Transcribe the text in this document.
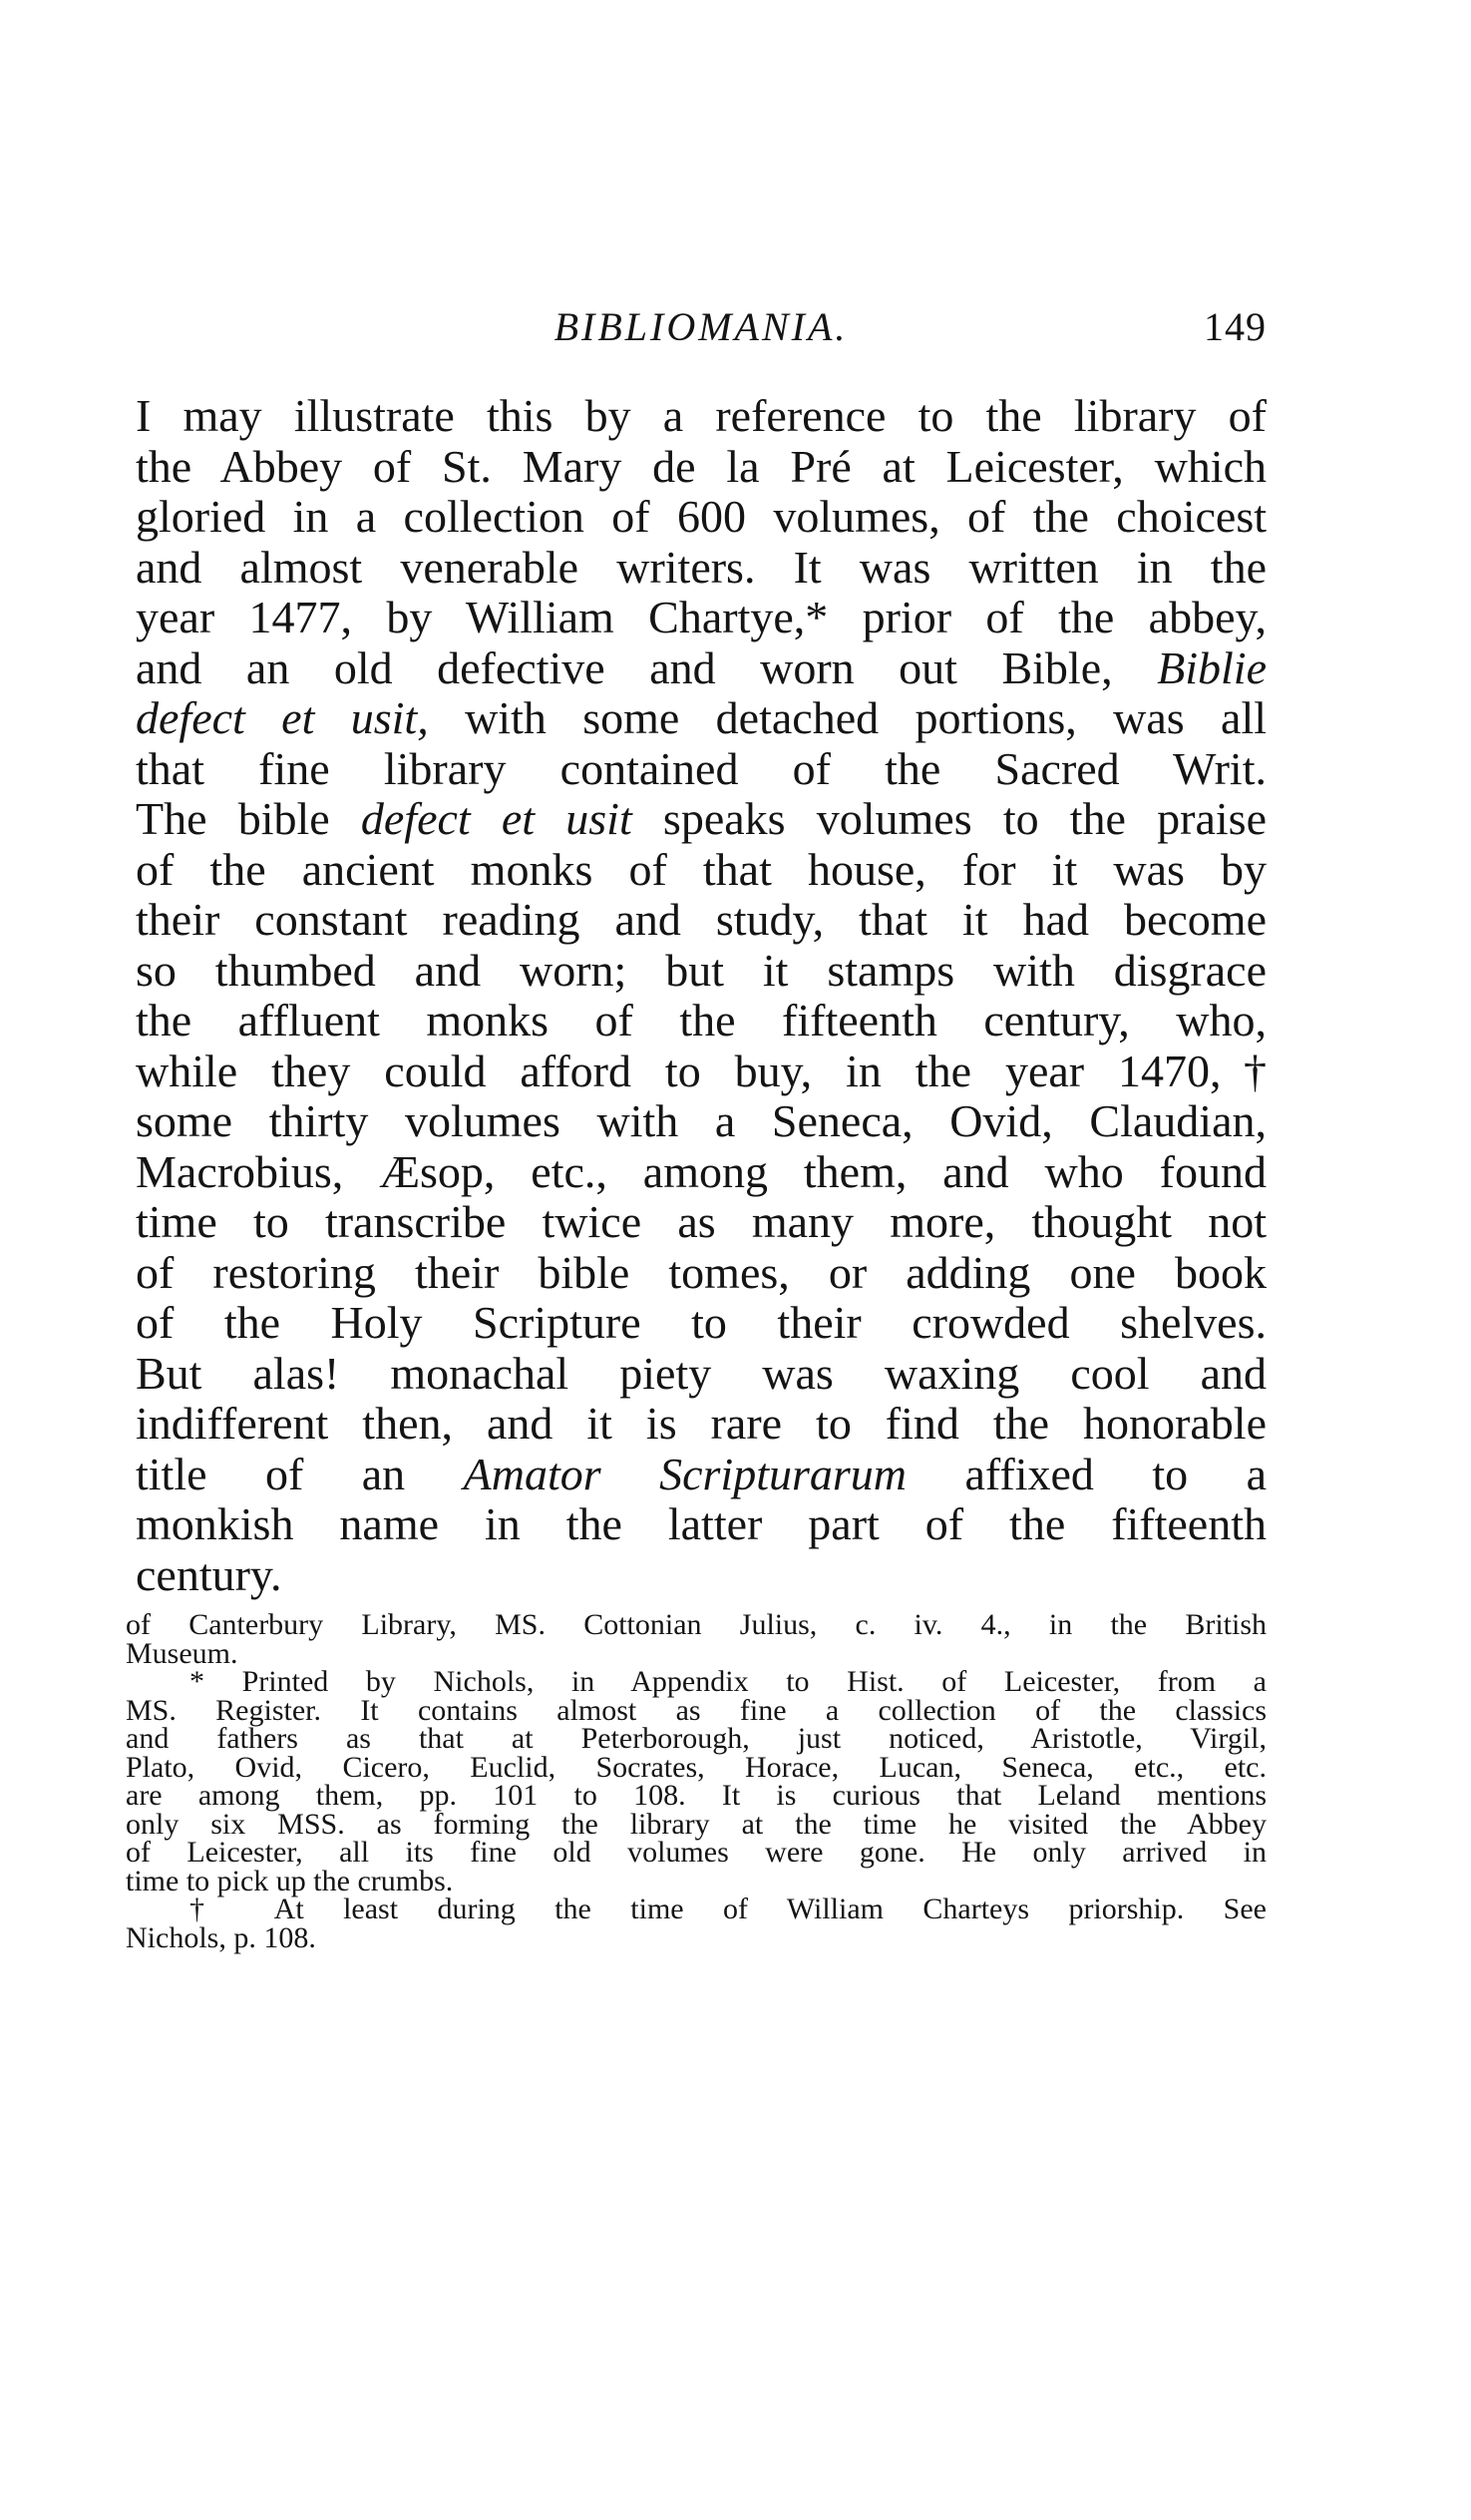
BIBLIOMANIA.	149
I may illustrate this by a reference to the library of
the Abbey of St. Mary de la Pré at Leicester, which
gloried in a collection of 600 volumes, of the choicest
and almost venerable writers. It was written in the
year 1477, by William Chartye,* prior of the abbey,
and an old defective and worn out Bible, Biblie
defect et usit, with some detached portions, was all
that fine library contained of the Sacred Writ.
The bible defect et usit speaks volumes to the praise
of the ancient monks of that house, for it was by
their constant reading and study, that it had become
so thumbed and worn; but it stamps with disgrace
the affluent monks of the fifteenth century, who,
while they could afford to buy, in the year 1470,†
some thirty volumes with a Seneca, Ovid, Claudian,
Macrobius, Æsop, etc., among them, and who found
time to transcribe twice as many more, thought not
of restoring their bible tomes, or adding one book
of the Holy Scripture to their crowded shelves.
But alas! monachal piety was waxing cool and
indifferent then, and it is rare to find the honorable
title of an Amator Scripturarum affixed to a
monkish name in the latter part of the fifteenth
century.
of Canterbury Library, MS. Cottonian Julius, c. iv. 4., in the British
Museum.
* Printed by Nichols, in Appendix to Hist. of Leicester, from a
MS. Register. It contains almost as fine a collection of the classics
and fathers as that at Peterborough, just noticed, Aristotle, Virgil,
Plato, Ovid, Cicero, Euclid, Socrates, Horace, Lucan, Seneca, etc., etc.
are among them, pp. 101 to 108. It is curious that Leland mentions
only six MSS. as forming the library at the time he visited the Abbey
of Leicester, all its fine old volumes were gone. He only arrived in
time to pick up the crumbs.
† At least during the time of William Charteys priorship. See
Nichols, p. 108.
